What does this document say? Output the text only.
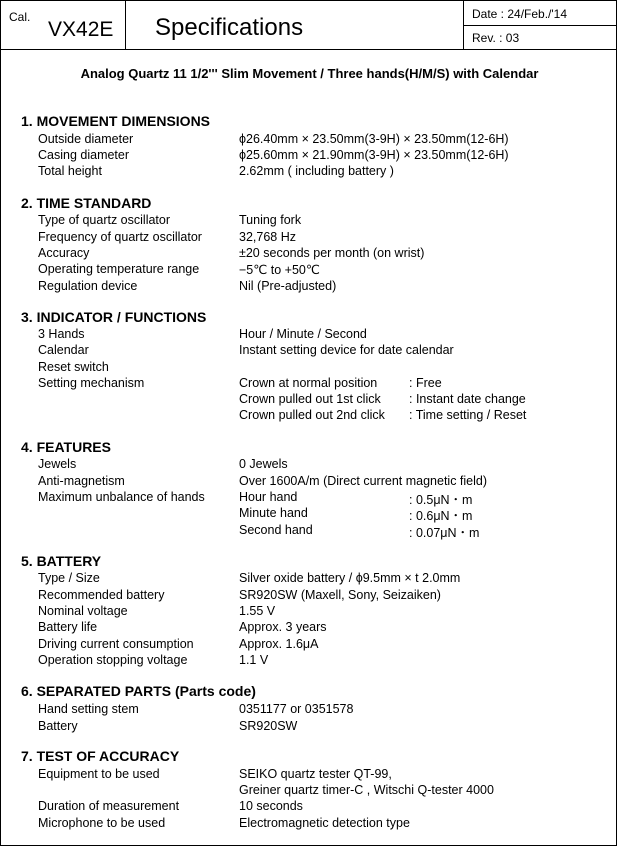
Cal.
VX42E Specifications	Date : 24/Feb./'14
Rev. : 03
Analog Quartz 11 1/2''' Slim Movement / Three hands(H/M/S) with Calendar
1. MOVEMENT DIMENSIONS
Outside diameter	ϕ26.40mm × 23.50mm(3-9H) × 23.50mm(12-6H)
Casing diameter	ϕ25.60mm × 21.90mm(3-9H) × 23.50mm(12-6H)
Total height	2.62mm ( including battery )
2. TIME STANDARD
Type of quartz oscillator	Tuning fork
Frequency of quartz oscillator	32,768 Hz
Accuracy	±20 seconds per month (on wrist)
Operating temperature range	−5℃ to +50℃
Regulation device	Nil (Pre-adjusted)
3. INDICATOR / FUNCTIONS
3 Hands	Hour / Minute / Second
Calendar	Instant setting device for date calendar
Reset switch
Setting mechanism	Crown at normal position	: Free
Crown pulled out 1st click : Instant date change
Crown pulled out 2nd click : Time setting / Reset
4. FEATURES
Jewels	0 Jewels
Anti-magnetism	Over 1600A/m (Direct current magnetic field)
Maximum unbalance of hands	Hour hand	: 0.5μN・m
Minute hand	: 0.6μN・m
Second hand	: 0.07μN・m
5. BATTERY
Type / Size	Silver oxide battery / ϕ9.5mm × t 2.0mm
Recommended battery	SR920SW (Maxell, Sony, Seizaiken)
Nominal voltage	1.55 V
Battery life	Approx. 3 years
Driving current consumption	Approx. 1.6μA
Operation stopping voltage	1.1 V
6. SEPARATED PARTS (Parts code)
Hand setting stem	0351177 or 0351578
Battery	SR920SW
7. TEST OF ACCURACY
Equipment to be used	SEIKO quartz tester QT-99,
Greiner quartz timer-C , Witschi Q-tester 4000
Duration of measurement	10 seconds
Microphone to be used	Electromagnetic detection type
